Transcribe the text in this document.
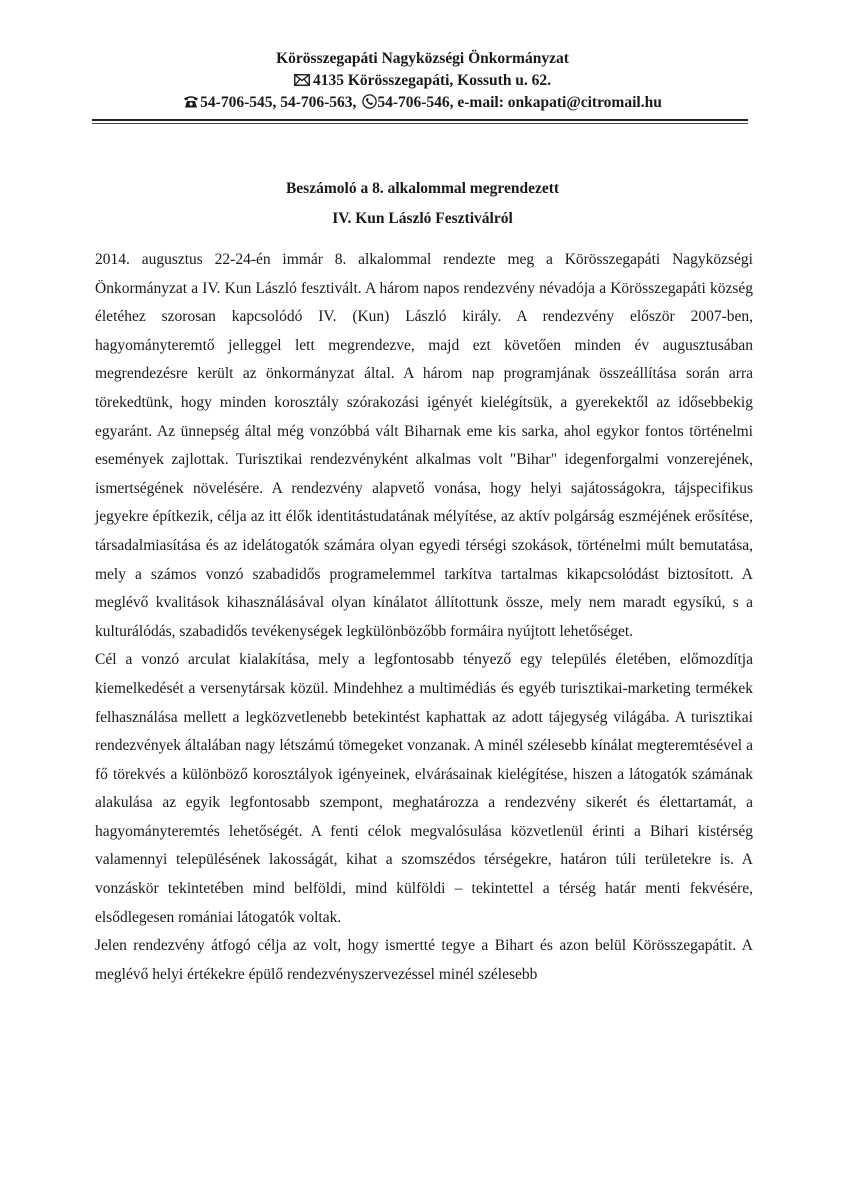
Körösszegapáti Nagyközségi Önkormányzat
4135 Körösszegapáti, Kossuth u. 62.
54-706-545, 54-706-563, 54-706-546, e-mail: onkapati@citromail.hu
Beszámoló a 8. alkalommal megrendezett
IV. Kun László Fesztiválról

2014. augusztus 22-24-én immár 8. alkalommal rendezte meg a Körösszegapáti Nagyközségi Önkormányzat a IV. Kun László fesztivált. A három napos rendezvény névadója a Körösszegapáti község életéhez szorosan kapcsolódó IV. (Kun) László király. A rendezvény először 2007-ben, hagyományteremtő jelleggel lett megrendezve, majd ezt követően minden év augusztusában megrendezésre került az önkormányzat által. A három nap programjának összeállítása során arra törekedtünk, hogy minden korosztály szórakozási igényét kielégítsük, a gyerekektől az idősebbekig egyaránt. Az ünnepség által még vonzóbbá vált Biharnak eme kis sarka, ahol egykor fontos történelmi események zajlottak. Turisztikai rendezvényként alkalmas volt "Bihar" idegenforgalmi vonzerejének, ismertségének növelésére. A rendezvény alapvető vonása, hogy helyi sajátosságokra, tájspecifikus jegyekre építkezik, célja az itt élők identitástudatának mélyítése, az aktív polgárság eszméjének erősítése, társadalmiasítása és az idelátogatók számára olyan egyedi térségi szokások, történelmi múlt bemutatása, mely a számos vonzó szabadidős programelemmel tarkítva tartalmas kikapcsolódást biztosított. A meglévő kvalitások kihasználásával olyan kínálatot állítottunk össze, mely nem maradt egysíkú, s a kulturálódás, szabadidős tevékenységek legkülönbözőbb formáira nyújtott lehetőséget.

Cél a vonzó arculat kialakítása, mely a legfontosabb tényező egy település életében, előmozdítja kiemelkedését a versenytársak közül. Mindehhez a multimédiás és egyéb turisztikai-marketing termékek felhasználása mellett a legközvetlenebb betekintést kaphattak az adott tájegység világába. A turisztikai rendezvények általában nagy létszámú tömegeket vonzanak. A minél szélesebb kínálat megteremtésével a fő törekvés a különböző korosztályok igényeinek, elvárásainak kielégítése, hiszen a látogatók számának alakulása az egyik legfontosabb szempont, meghatározza a rendezvény sikerét és élettartamát, a hagyományteremtés lehetőségét. A fenti célok megvalósulása közvetlenül érinti a Bihari kistérség valamennyi településének lakosságát, kihat a szomszédos térségekre, határon túli területekre is. A vonzáskör tekintetében mind belföldi, mind külföldi – tekintettel a térség határ menti fekvésére, elsődlegesen romániai látogatók voltak.

Jelen rendezvény átfogó célja az volt, hogy ismertté tegye a Bihart és azon belül Körösszegapátit. A meglévő helyi értékekre épülő rendezvényszervezéssel minél szélesebb
